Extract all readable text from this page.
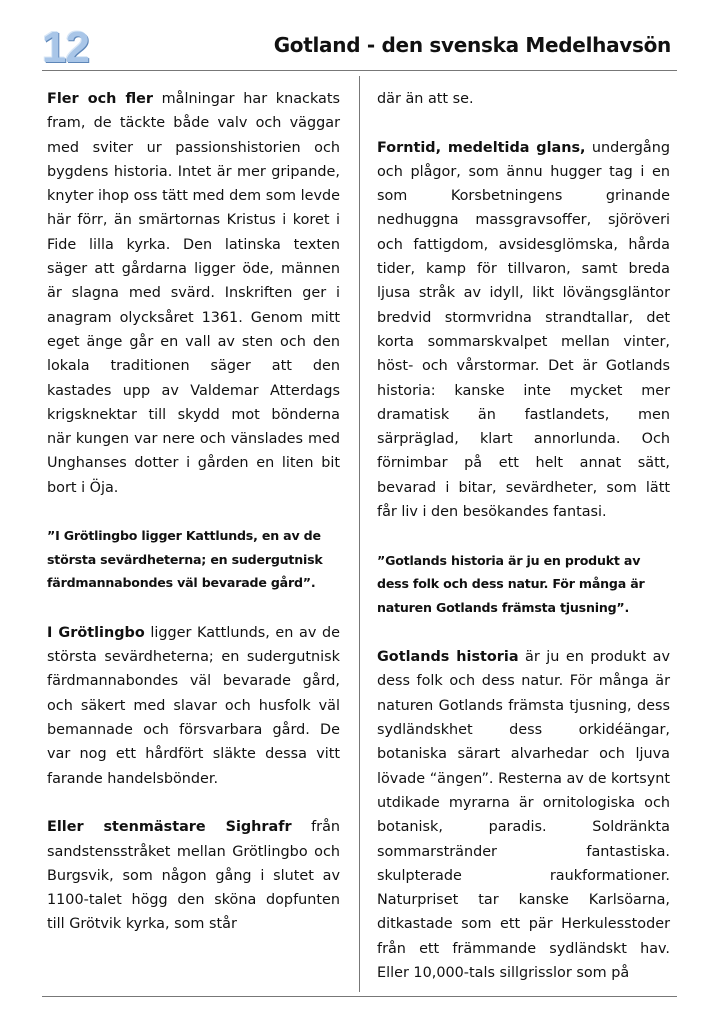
12	Gotland - den svenska Medelhavsön

Fler och fler målningar har knackats fram, de täckte både valv och väggar med sviter ur passionshistorien och bygdens historia. Intet är mer gripande, knyter ihop oss tätt med dem som levde här förr, än smärtornas Kristus i koret i Fide lilla kyrka. Den latinska texten säger att gårdarna ligger öde, männen är slagna med svärd. Inskriften ger i anagram olycksåret 1361. Genom mitt eget änge går en vall av sten och den lokala traditionen säger att den kastades upp av Valdemar Atterdags krigsknektar till skydd mot bönderna när kungen var nere och vänslades med Unghanses dotter i gården en liten bit bort i Öja.

”I Grötlingbo ligger Kattlunds, en av de största sevärdheterna; en sudergutnisk färdmannabondes väl bevarade gård”.

I Grötlingbo ligger Kattlunds, en av de största sevärdheterna; en sudergutnisk färdmannabondes väl bevarade gård, och säkert med slavar och husfolk väl bemannade och försvarbara gård. De var nog ett hårdfört släkte dessa vitt farande handelsbönder.

Eller stenmästare Sighrafr från sandstensstråket mellan Grötlingbo och Burgsvik, som någon gång i slutet av 1100-talet högg den sköna dopfunten till Grötvik kyrka, som står

där än att se.

Forntid, medeltida glans, undergång och plågor, som ännu hugger tag i en som Korsbetningens grinande nedhuggna massgravsoffer, sjöröveri och fattigdom, avsidesglömska, hårda tider, kamp för tillvaron, samt breda ljusa stråk av idyll, likt lövängsgläntor bredvid stormvridna strandtallar, det korta sommarskvalpet mellan vinter, höst- och vårstormar. Det är Gotlands historia: kanske inte mycket mer dramatisk än fastlandets, men särpräglad, klart annorlunda. Och förnimbar på ett helt annat sätt, bevarad i bitar, sevärdheter, som lätt får liv i den besökandes fantasi.

”Gotlands historia är ju en produkt av dess folk och dess natur. För många är naturen Gotlands främsta tjusning”.

Gotlands historia är ju en produkt av dess folk och dess natur. För många är naturen Gotlands främsta tjusning, dess sydländskhet dess orkidéängar, botaniska särart alvarhedar och ljuva lövade “ängen”. Resterna av de kortsynt utdikade myrarna är ornitologiska och botanisk, paradis. Soldränkta sommarstränder fantastiska. skulpterade raukformationer. Naturpriset tar kanske Karlsöarna, ditkastade som ett pär Herkulesstoder från ett främmande sydländskt hav. Eller 10,000-tals sillgrisslor som på
